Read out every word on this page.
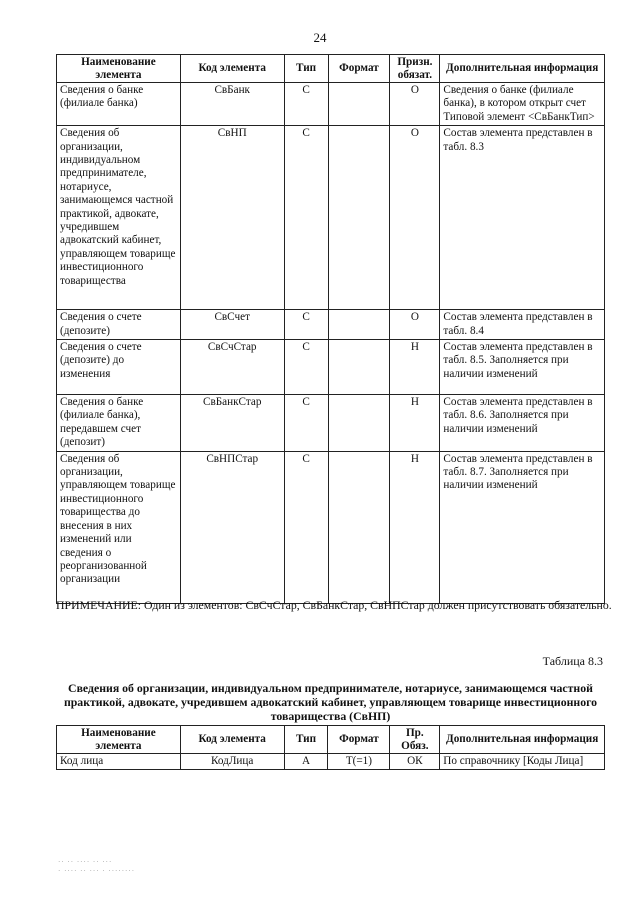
24
Наименование элемента	Код элемента	Тип	Формат	Призн. обязат.	Дополнительная информация
Сведения о банке (филиале банка)	СвБанк	С		О	Сведения о банке (филиале банка), в котором открыт счет Типовой элемент <СвБанкТип>
Сведения об организации, индивидуальном предпринимателе, нотариусе, занимающемся частной практикой, адвокате, учредившем адвокатский кабинет, управляющем товарище инвестиционного товарищества	СвНП	С		О	Состав элемента представлен в табл. 8.3
Сведения о счете (депозите)	СвСчет	С		О	Состав элемента представлен в табл. 8.4
Сведения о счете (депозите) до изменения	СвСчСтар	С		Н	Состав элемента представлен в табл. 8.5. Заполняется при наличии изменений
Сведения о банке (филиале банка), передавшем счет (депозит)	СвБанкСтар	С		Н	Состав элемента представлен в табл. 8.6. Заполняется при наличии изменений
Сведения об организации, управляющем товарище инвестиционного товарищества до внесения в них изменений или сведения о реорганизованной организации	СвНПСтар	С		Н	Состав элемента представлен в табл. 8.7. Заполняется при наличии изменений
ПРИМЕЧАНИЕ: Один из элементов: СвСчСтар, СвБанкСтар, СвНПСтар должен присутствовать обязательно.
Таблица 8.3
Сведения об организации, индивидуальном предпринимателе, нотариусе, занимающемся частной практикой, адвокате, учредившем адвокатский кабинет, управляющем товарище инвестиционного товарищества (СвНП)
Наименование элемента	Код элемента	Тип	Формат	Пр. Обяз.	Дополнительная информация
Код лица	КодЛица	А	T(=1)	ОК	По справочнику [Коды Лица]
·· ·· ···· ·· ···
· ···· ·· ··· · ········
